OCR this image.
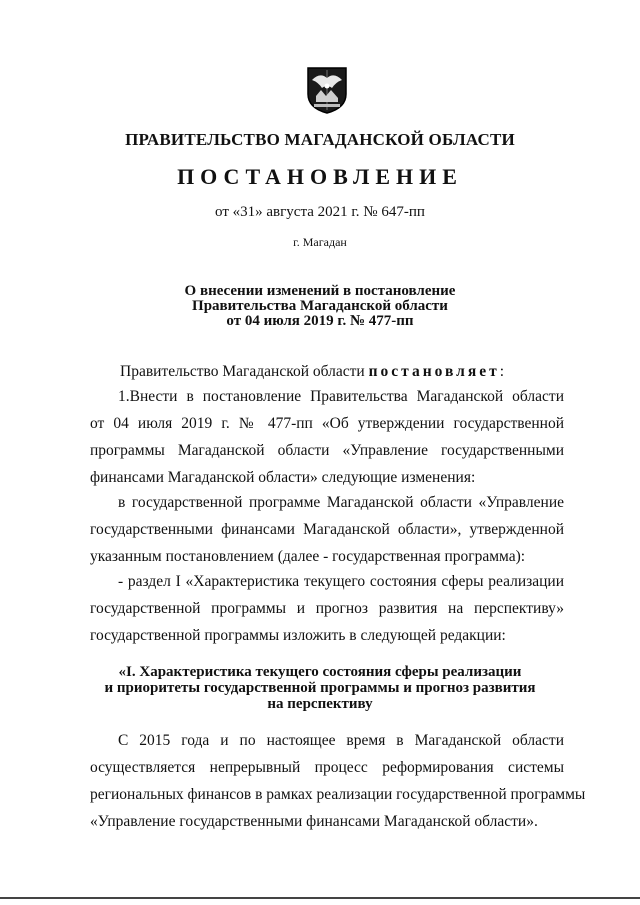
ПРАВИТЕЛЬСТВО МАГАДАНСКОЙ ОБЛАСТИ
ПОСТАНОВЛЕНИЕ
от «31» августа 2021 г. № 647-пп
г. Магадан
О внесении изменений в постановление
Правительства Магаданской области
от 04 июля 2019 г. № 477-пп
Правительство Магаданской области постановляет:
1.Внести в постановление Правительства Магаданской области
от 04 июля 2019 г. № 477-пп «Об утверждении государственной
программы Магаданской области «Управление государственными
финансами Магаданской области» следующие изменения:
в государственной программе Магаданской области «Управление
государственными финансами Магаданской области», утвержденной
указанным постановлением (далее - государственная программа):
- раздел I «Характеристика текущего состояния сферы реализации
государственной программы и прогноз развития на перспективу»
государственной программы изложить в следующей редакции:
«I. Характеристика текущего состояния сферы реализации
и приоритеты государственной программы и прогноз развития
на перспективу
С 2015 года и по настоящее время в Магаданской области
осуществляется непрерывный процесс реформирования системы
региональных финансов в рамках реализации государственной программы
«Управление государственными финансами Магаданской области».
